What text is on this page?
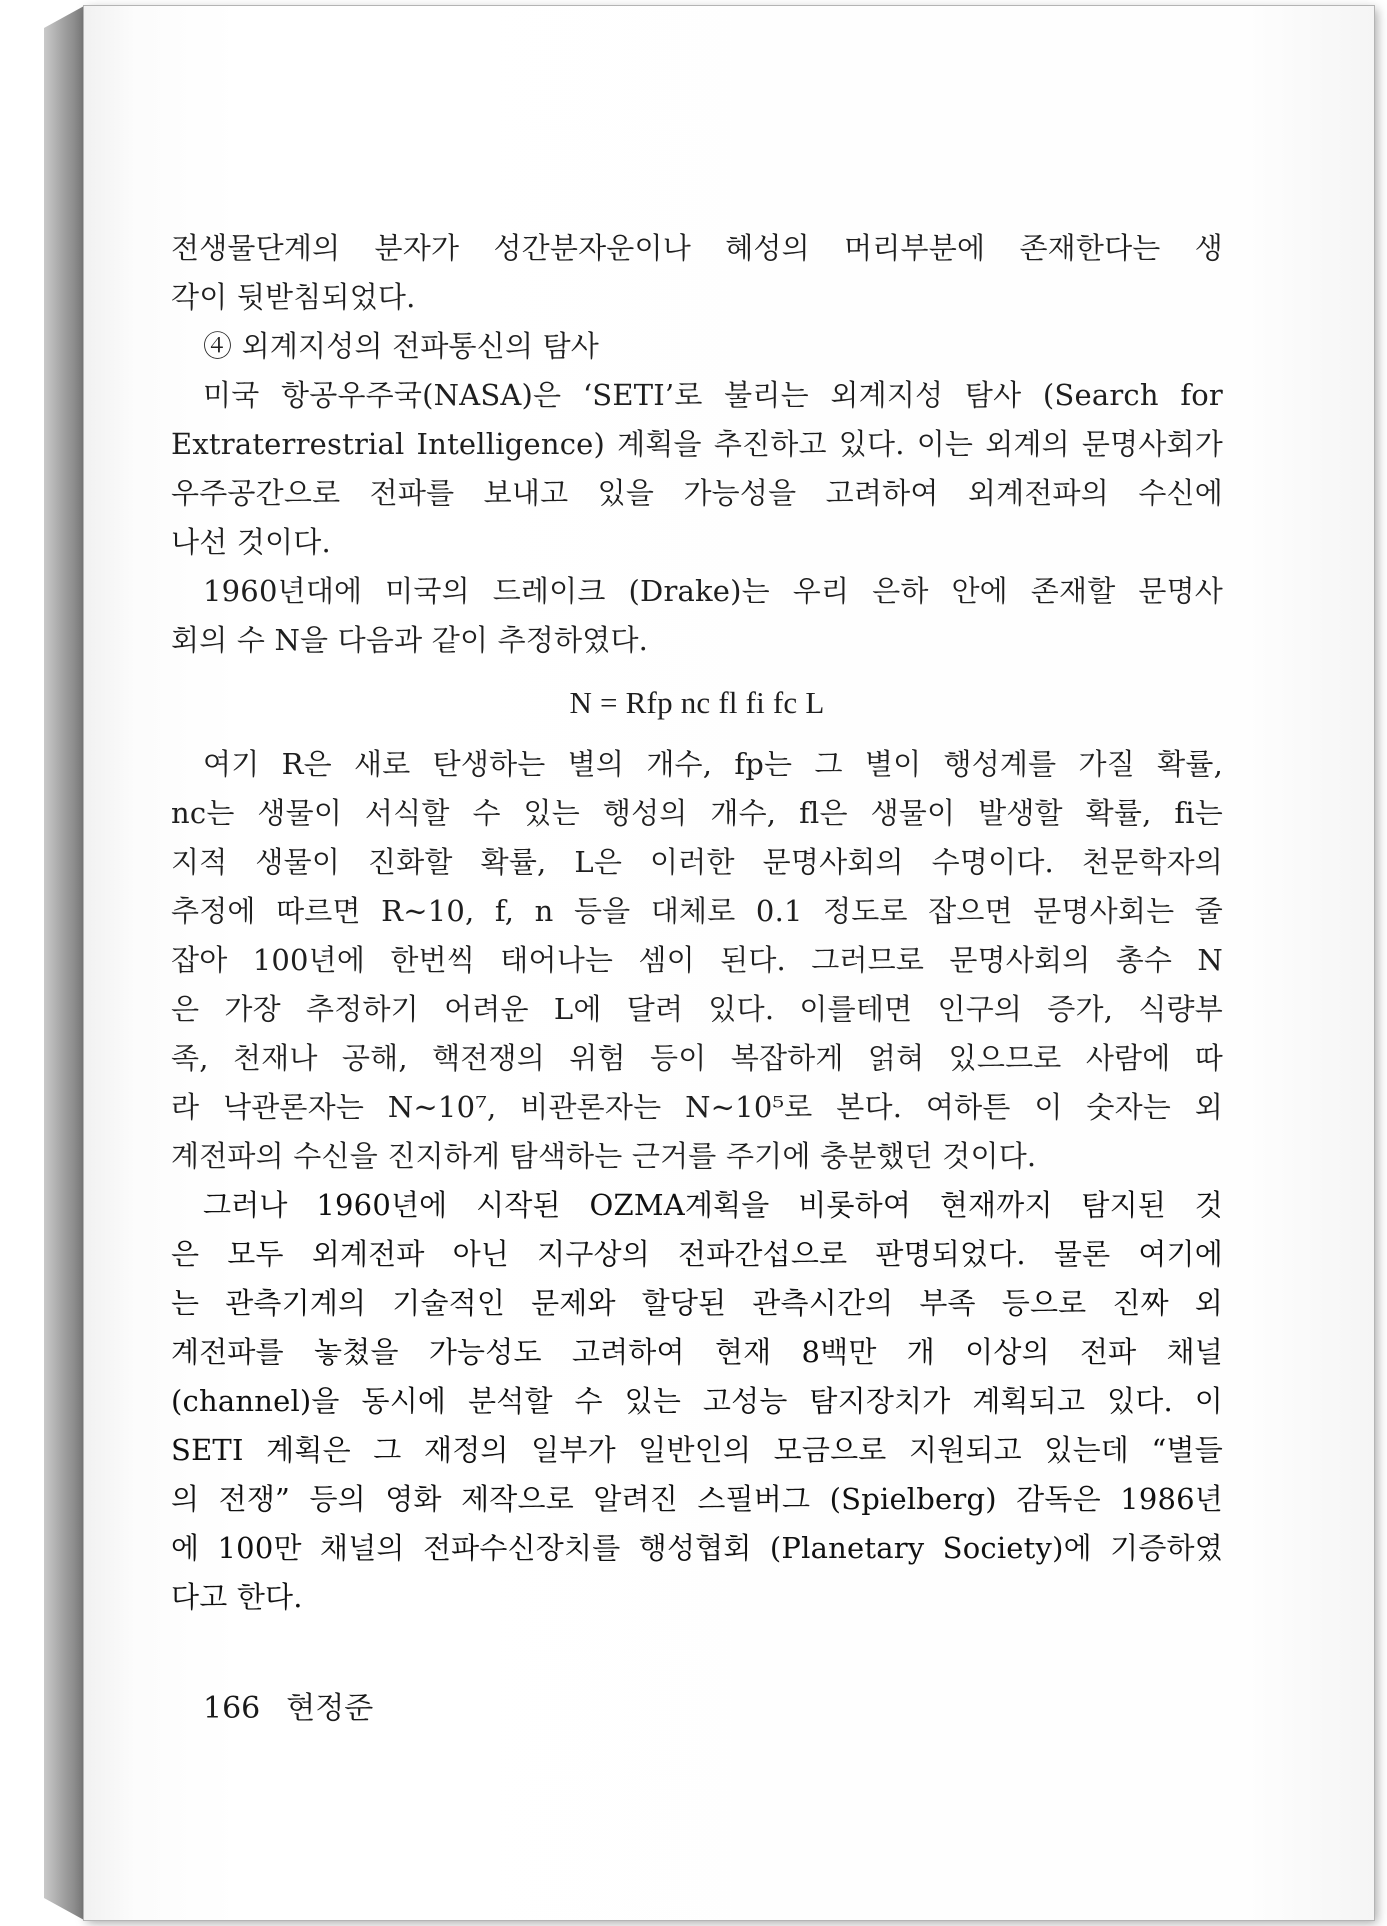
전생물단계의 분자가 성간분자운이나 혜성의 머리부분에 존재한다는 생
각이 뒷받침되었다.
④ 외계지성의 전파통신의 탐사
미국 항공우주국(NASA)은 ‘SETI’로 불리는 외계지성 탐사 (Search for
Extraterrestrial Intelligence) 계획을 추진하고 있다. 이는 외계의 문명사회가
우주공간으로 전파를 보내고 있을 가능성을 고려하여 외계전파의 수신에
나선 것이다.
1960년대에 미국의 드레이크 (Drake)는 우리 은하 안에 존재할 문명사
회의 수 N을 다음과 같이 추정하였다.
N = Rfp nc fl fi fc L
여기 R은 새로 탄생하는 별의 개수, fp는 그 별이 행성계를 가질 확률,
nc는 생물이 서식할 수 있는 행성의 개수, fl은 생물이 발생할 확률, fi는
지적 생물이 진화할 확률, L은 이러한 문명사회의 수명이다. 천문학자의
추정에 따르면 R∼10, f, n 등을 대체로 0.1 정도로 잡으면 문명사회는 줄
잡아 100년에 한번씩 태어나는 셈이 된다. 그러므로 문명사회의 총수 N
은 가장 추정하기 어려운 L에 달려 있다. 이를테면 인구의 증가, 식량부
족, 천재나 공해, 핵전쟁의 위험 등이 복잡하게 얽혀 있으므로 사람에 따
라 낙관론자는 N∼10⁷, 비관론자는 N∼10⁵로 본다. 여하튼 이 숫자는 외
계전파의 수신을 진지하게 탐색하는 근거를 주기에 충분했던 것이다.
그러나 1960년에 시작된 OZMA계획을 비롯하여 현재까지 탐지된 것
은 모두 외계전파 아닌 지구상의 전파간섭으로 판명되었다. 물론 여기에
는 관측기계의 기술적인 문제와 할당된 관측시간의 부족 등으로 진짜 외
계전파를 놓쳤을 가능성도 고려하여 현재 8백만 개 이상의 전파 채널
(channel)을 동시에 분석할 수 있는 고성능 탐지장치가 계획되고 있다. 이
SETI 계획은 그 재정의 일부가 일반인의 모금으로 지원되고 있는데 “별들
의 전쟁” 등의 영화 제작으로 알려진 스필버그 (Spielberg) 감독은 1986년
에 100만 채널의 전파수신장치를 행성협회 (Planetary Society)에 기증하였
다고 한다.
166 현정준
